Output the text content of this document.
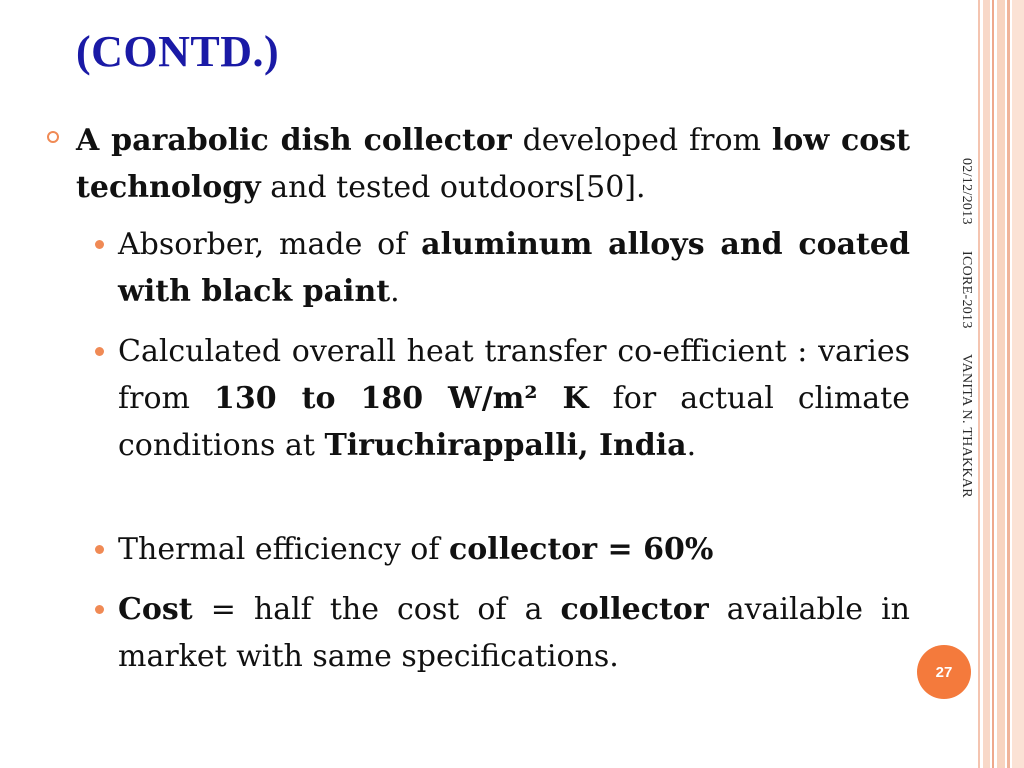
(CONTD.)
A parabolic dish collector developed from low cost technology and tested outdoors[50].
Absorber, made of aluminum alloys and coated with black paint.
Calculated overall heat transfer co-efficient : varies from 130 to 180 W/m² K for actual climate conditions at Tiruchirappalli, India.
Thermal efficiency of collector = 60%
Cost = half the cost of a collector available in market with same specifications.
02/12/2013ICORE-2013VANITA N. THAKKAR
27
